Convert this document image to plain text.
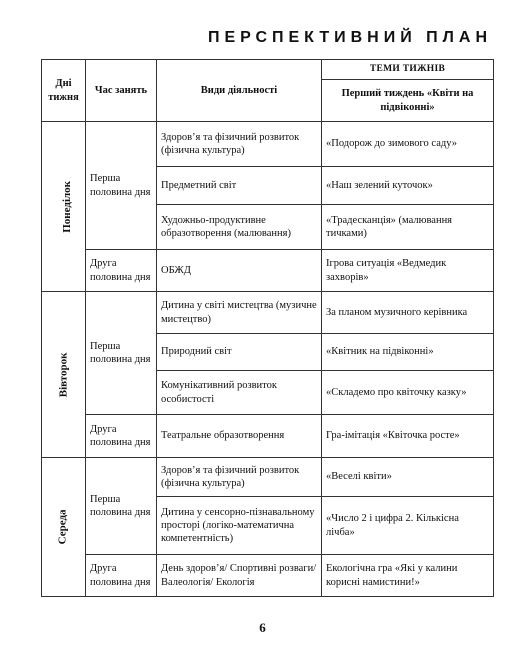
ПЕРСПЕКТИВНИЙ ПЛАН
Дні тижня	Час занять	Види діяльності	ТЕМИ ТИЖНІВ
			Перший тиждень «Квіти на підвіконні»
Понеділок	Перша половина дня	Здоров’я та фізичний розвиток (фізична культура)	«Подорож до зимового саду»
		Предметний світ	«Наш зелений куточок»
		Художньо-продуктивне образотворення (малювання)	«Традесканція» (малювання тичками)
	Друга половина дня	ОБЖД	Ігрова ситуація «Ведмедик захворів»
Вівторок	Перша половина дня	Дитина у світі мистецтва (музичне мистецтво)	За планом музичного керівника
		Природний світ	«Квітник на підвіконні»
		Комунікативний розвиток особистості	«Складемо про квіточку казку»
	Друга половина дня	Театральне образотворення	Гра-імітація «Квіточка росте»
Середа	Перша половина дня	Здоров’я та фізичний розвиток (фізична культура)	«Веселі квіти»
		Дитина у сенсорно-пізнавальному просторі (логіко-математична компетентність)	«Число 2 і цифра 2. Кількісна лічба»
	Друга половина дня	День здоров’я/ Спортивні розваги/ Валеологія/ Екологія	Екологічна гра «Які у калини корисні намистини!»
6
